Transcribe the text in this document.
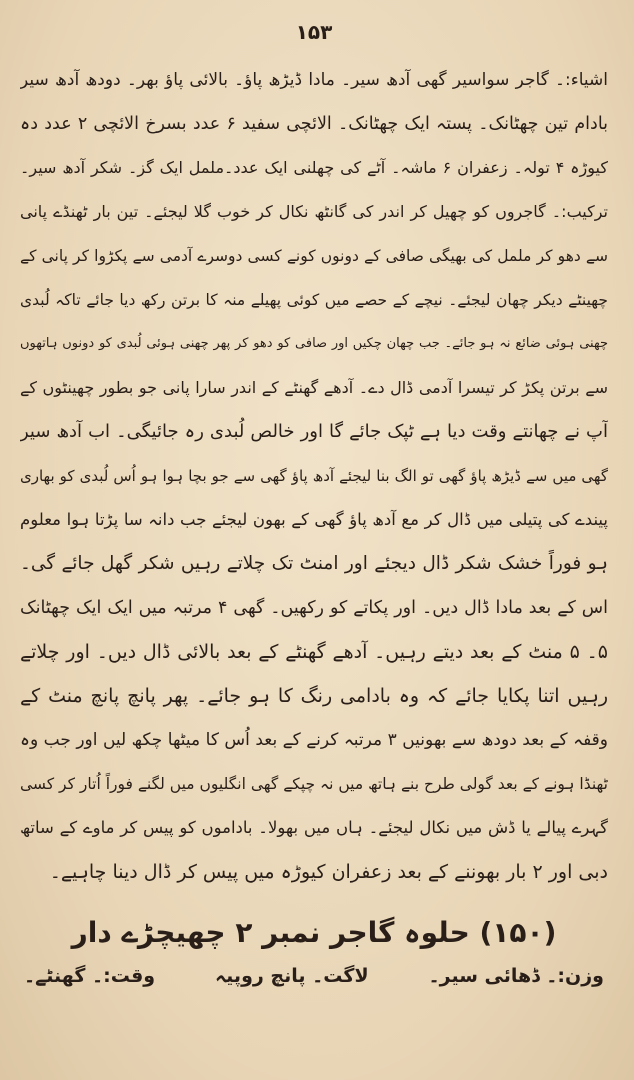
۱۵۳
اشیاء:۔ گاجر سواسیر گھی آدھ سیر۔ مادا ڈیڑھ پاؤ۔ بالائی پاؤ بھر۔ دودھ آدھ سیر
بادام تین چھٹانک۔ پستہ ایک چھٹانک۔ الائچی سفید ۶ عدد بسرخ الائچی ۲ عدد دہ
کیوڑہ ۴ تولہ۔ زعفران ۶ ماشہ۔ آٹے کی چھلنی ایک عدد۔ململ ایک گز۔ شکر آدھ سیر۔
ترکیب:۔ گاجروں کو چھیل کر اندر کی گانٹھ نکال کر خوب گلا لیجئے۔ تین بار ٹھنڈے پانی
سے دھو کر ململ کی بھیگی صافی کے دونوں کونے کسی دوسرے آدمی سے پکڑوا کر پانی کے
چھینٹے دیکر چھان لیجئے۔ نیچے کے حصے میں کوئی پھیلے منہ کا برتن رکھ دیا جائے تاکہ لُبدی
چھنی ہوئی ضائع نہ ہو جائے۔ جب چھان چکیں اور صافی کو دھو کر پھر چھنی ہوئی لُبدی کو دونوں ہاتھوں
سے برتن پکڑ کر تیسرا آدمی ڈال دے۔ آدھے گھنٹے کے اندر سارا پانی جو بطور چھینٹوں کے
آپ نے چھانتے وقت دیا ہے ٹپک جائے گا اور خالص لُبدی رہ جائیگی۔ اب آدھ سیر
گھی میں سے ڈیڑھ پاؤ گھی تو الگ بنا لیجئے آدھ پاؤ گھی سے جو بچا ہوا ہو اُس لُبدی کو بھاری
پیندے کی پتیلی میں ڈال کر مع آدھ پاؤ گھی کے بھون لیجئے جب دانہ سا پڑتا ہوا معلوم
ہو فوراً خشک شکر ڈال دیجئے اور امنٹ تک چلاتے رہیں شکر گھل جائے گی۔
اس کے بعد مادا ڈال دیں۔ اور پکاتے کو رکھیں۔ گھی ۴ مرتبہ میں ایک ایک چھٹانک
۵۔ ۵ منٹ کے بعد دیتے رہیں۔ آدھے گھنٹے کے بعد بالائی ڈال دیں۔ اور چلاتے
رہیں اتنا پکایا جائے کہ وہ بادامی رنگ کا ہو جائے۔ پھر پانچ پانچ منٹ کے
وقفہ کے بعد دودھ سے بھونیں ۳ مرتبہ کرنے کے بعد اُس کا میٹھا چکھ لیں اور جب وہ
ٹھنڈا ہونے کے بعد گولی طرح بنے ہاتھ میں نہ چپکے گھی انگلیوں میں لگنے فوراً اُتار کر کسی
گہرے پیالے یا ڈش میں نکال لیجئے۔ ہاں میں بھولا۔ باداموں کو پیس کر ماوے کے ساتھ
دبی اور ۲ بار بھوننے کے بعد زعفران کیوڑہ میں پیس کر ڈال دینا چاہیے۔
(۱۵۰) حلوہ گاجر نمبر ۲ چھیچڑے دار
وزن:۔ ڈھائی سیر۔
لاگت۔ پانچ روپیہ
وقت:۔ گھنٹے۔
